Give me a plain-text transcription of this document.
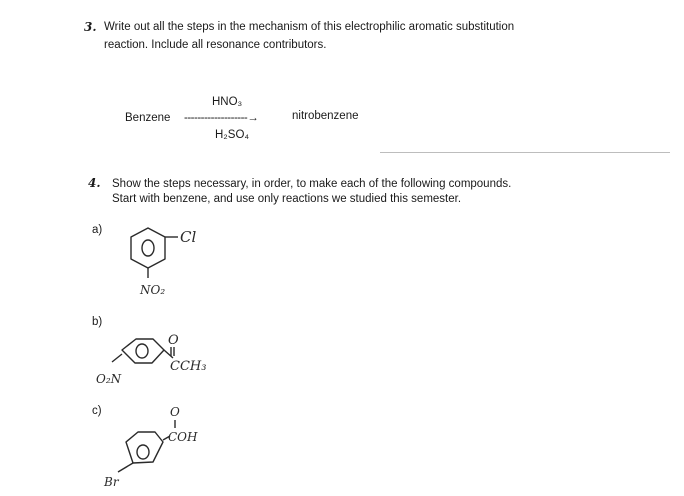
3. Write out all the steps in the mechanism of this electrophilic aromatic substitution
reaction. Include all resonance contributors.
HNO₃
Benzene -------------------→	nitrobenzene
H₂SO₄
4. Show the steps necessary, in order, to make each of the following compounds.
Start with benzene, and use only reactions we studied this semester.
a)
b)
c)
Cl
NO₂
O₂N
O
CCH₃
O
COH
Br
